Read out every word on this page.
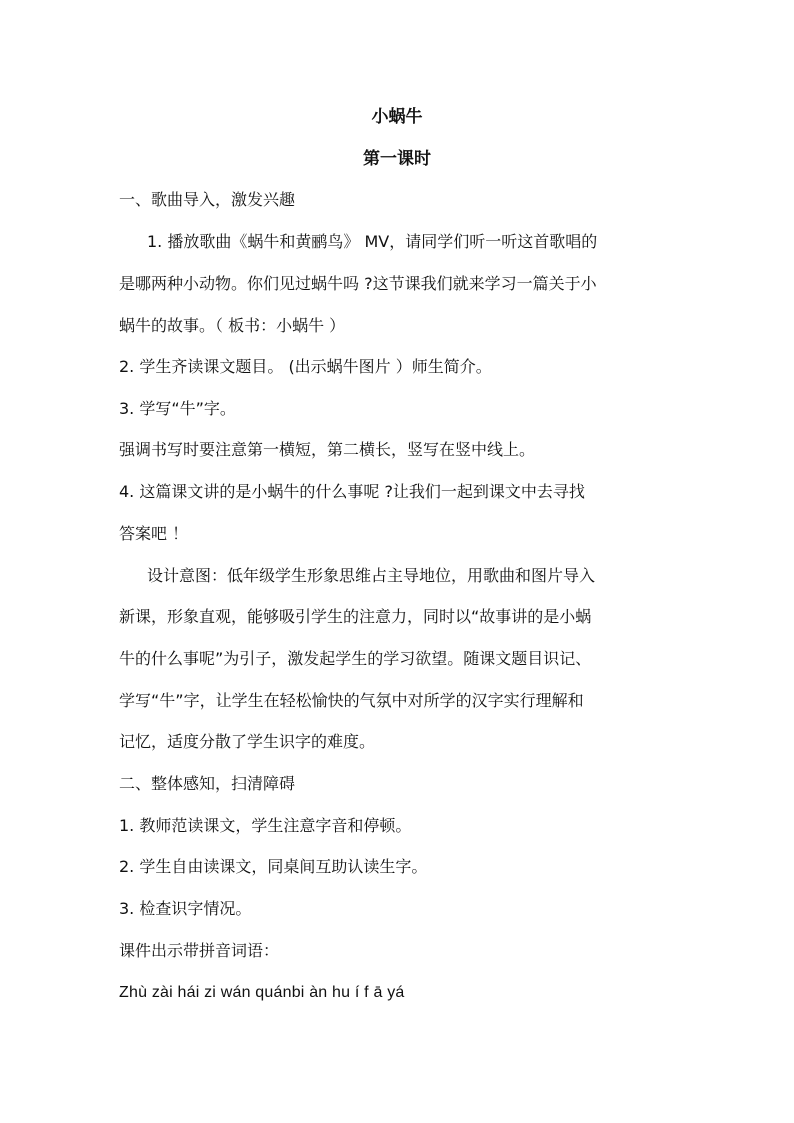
小蜗牛
第一课时
一、歌曲导入，激发兴趣
1. 播放歌曲《蜗牛和黄鹂鸟》 MV，请同学们听一听这首歌唱的
是哪两种小动物。你们见过蜗牛吗 ?这节课我们就来学习一篇关于小
蜗牛的故事。（ 板书：小蜗牛 ）
2. 学生齐读课文题目。 (出示蜗牛图片 ）师生简介。
3. 学写“牛”字。
强调书写时要注意第一横短，第二横长，竖写在竖中线上。
4. 这篇课文讲的是小蜗牛的什么事呢 ?让我们一起到课文中去寻找
答案吧 ！
设计意图：低年级学生形象思维占主导地位，用歌曲和图片导入
新课，形象直观，能够吸引学生的注意力，同时以“故事讲的是小蜗
牛的什么事呢”为引子，激发起学生的学习欲望。随课文题目识记、
学写“牛”字，让学生在轻松愉快的气氛中对所学的汉字实行理解和
记忆，适度分散了学生识字的难度。
二、整体感知，扫清障碍
1. 教师范读课文，学生注意字音和停顿。
2. 学生自由读课文，同桌间互助认读生字。
3. 检查识字情况。
课件出示带拼音词语：
Zhù zài hái zi wán quánbi àn hu í f ā yá
